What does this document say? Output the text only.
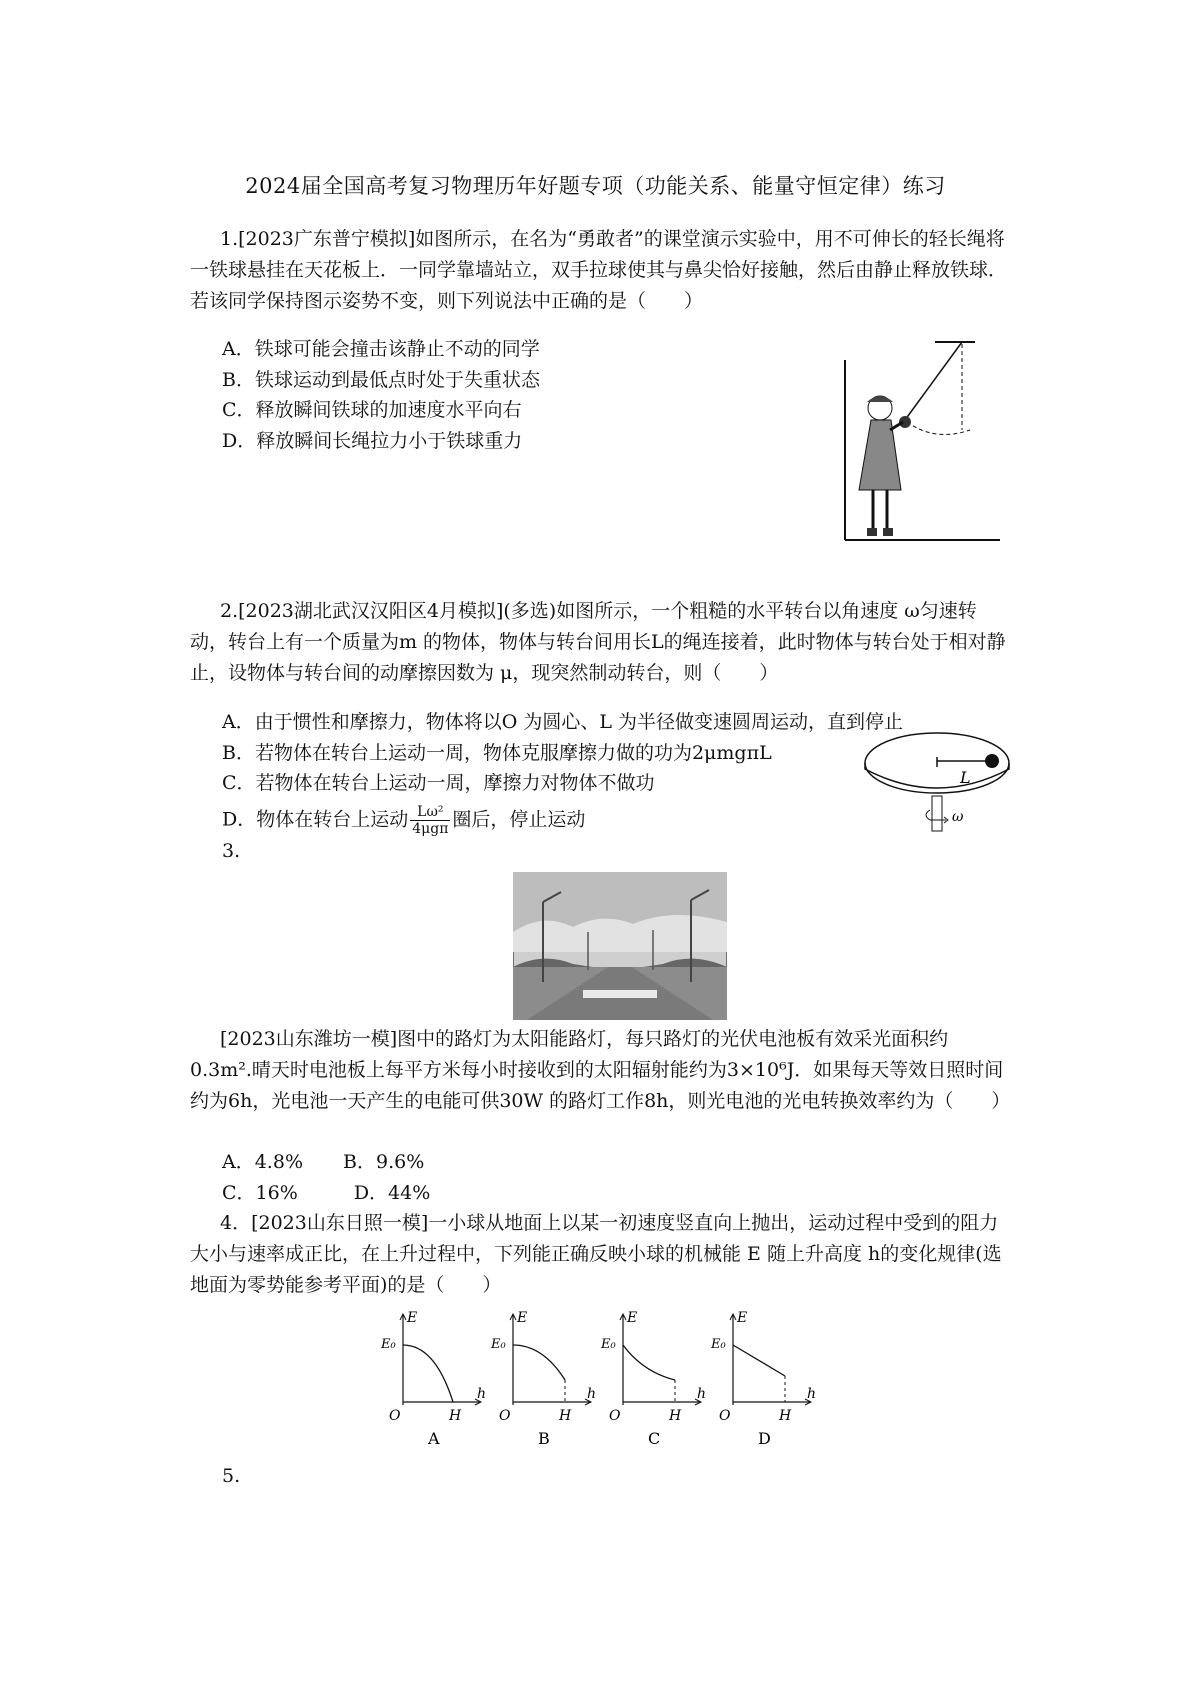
2024届全国高考复习物理历年好题专项（功能关系、能量守恒定律）练习

1.[2023广东普宁模拟]如图所示，在名为“勇敢者”的课堂演示实验中，用不可伸长的轻长绳将一铁球悬挂在天花板上．一同学靠墙站立，双手拉球使其与鼻尖恰好接触，然后由静止释放铁球．若该同学保持图示姿势不变，则下列说法中正确的是（　　）

A．铁球可能会撞击该静止不动的同学
B．铁球运动到最低点时处于失重状态
C．释放瞬间铁球的加速度水平向右
D．释放瞬间长绳拉力小于铁球重力

2.[2023湖北武汉汉阳区4月模拟](多选)如图所示，一个粗糙的水平转台以角速度 ω匀速转动，转台上有一个质量为m 的物体，物体与转台间用长L的绳连接着，此时物体与转台处于相对静止，设物体与转台间的动摩擦因数为 μ，现突然制动转台，则（　　）

A．由于惯性和摩擦力，物体将以O 为圆心、L 为半径做变速圆周运动，直到停止
B．若物体在转台上运动一周，物体克服摩擦力做的功为2μmgπL
C．若物体在转台上运动一周，摩擦力对物体不做功
D．物体在转台上运动 $\frac{\text{Lω²}}{\text{4μgπ}}$ 圈后，停止运动
L
ω
3.

[2023山东潍坊一模]图中的路灯为太阳能路灯，每只路灯的光伏电池板有效采光面积约0.3m².晴天时电池板上每平方米每小时接收到的太阳辐射能约为3×10⁶J．如果每天等效日照时间约为6h，光电池一天产生的电能可供30W 的路灯工作8h，则光电池的光电转换效率约为（　　）

A．4.8% B．9.6%
C．16%	D．44%

4．[2023山东日照一模]一小球从地面上以某一初速度竖直向上抛出，运动过程中受到的阻力大小与速率成正比，在上升过程中，下列能正确反映小球的机械能 E 随上升高度 h的变化规律(选地面为零势能参考平面)的是（　　）

E
E₀
O	H
h
A
E
E₀
O	H
h
B
E
E₀
O	H
h
C
E
E₀
O	H
h
D
5.
